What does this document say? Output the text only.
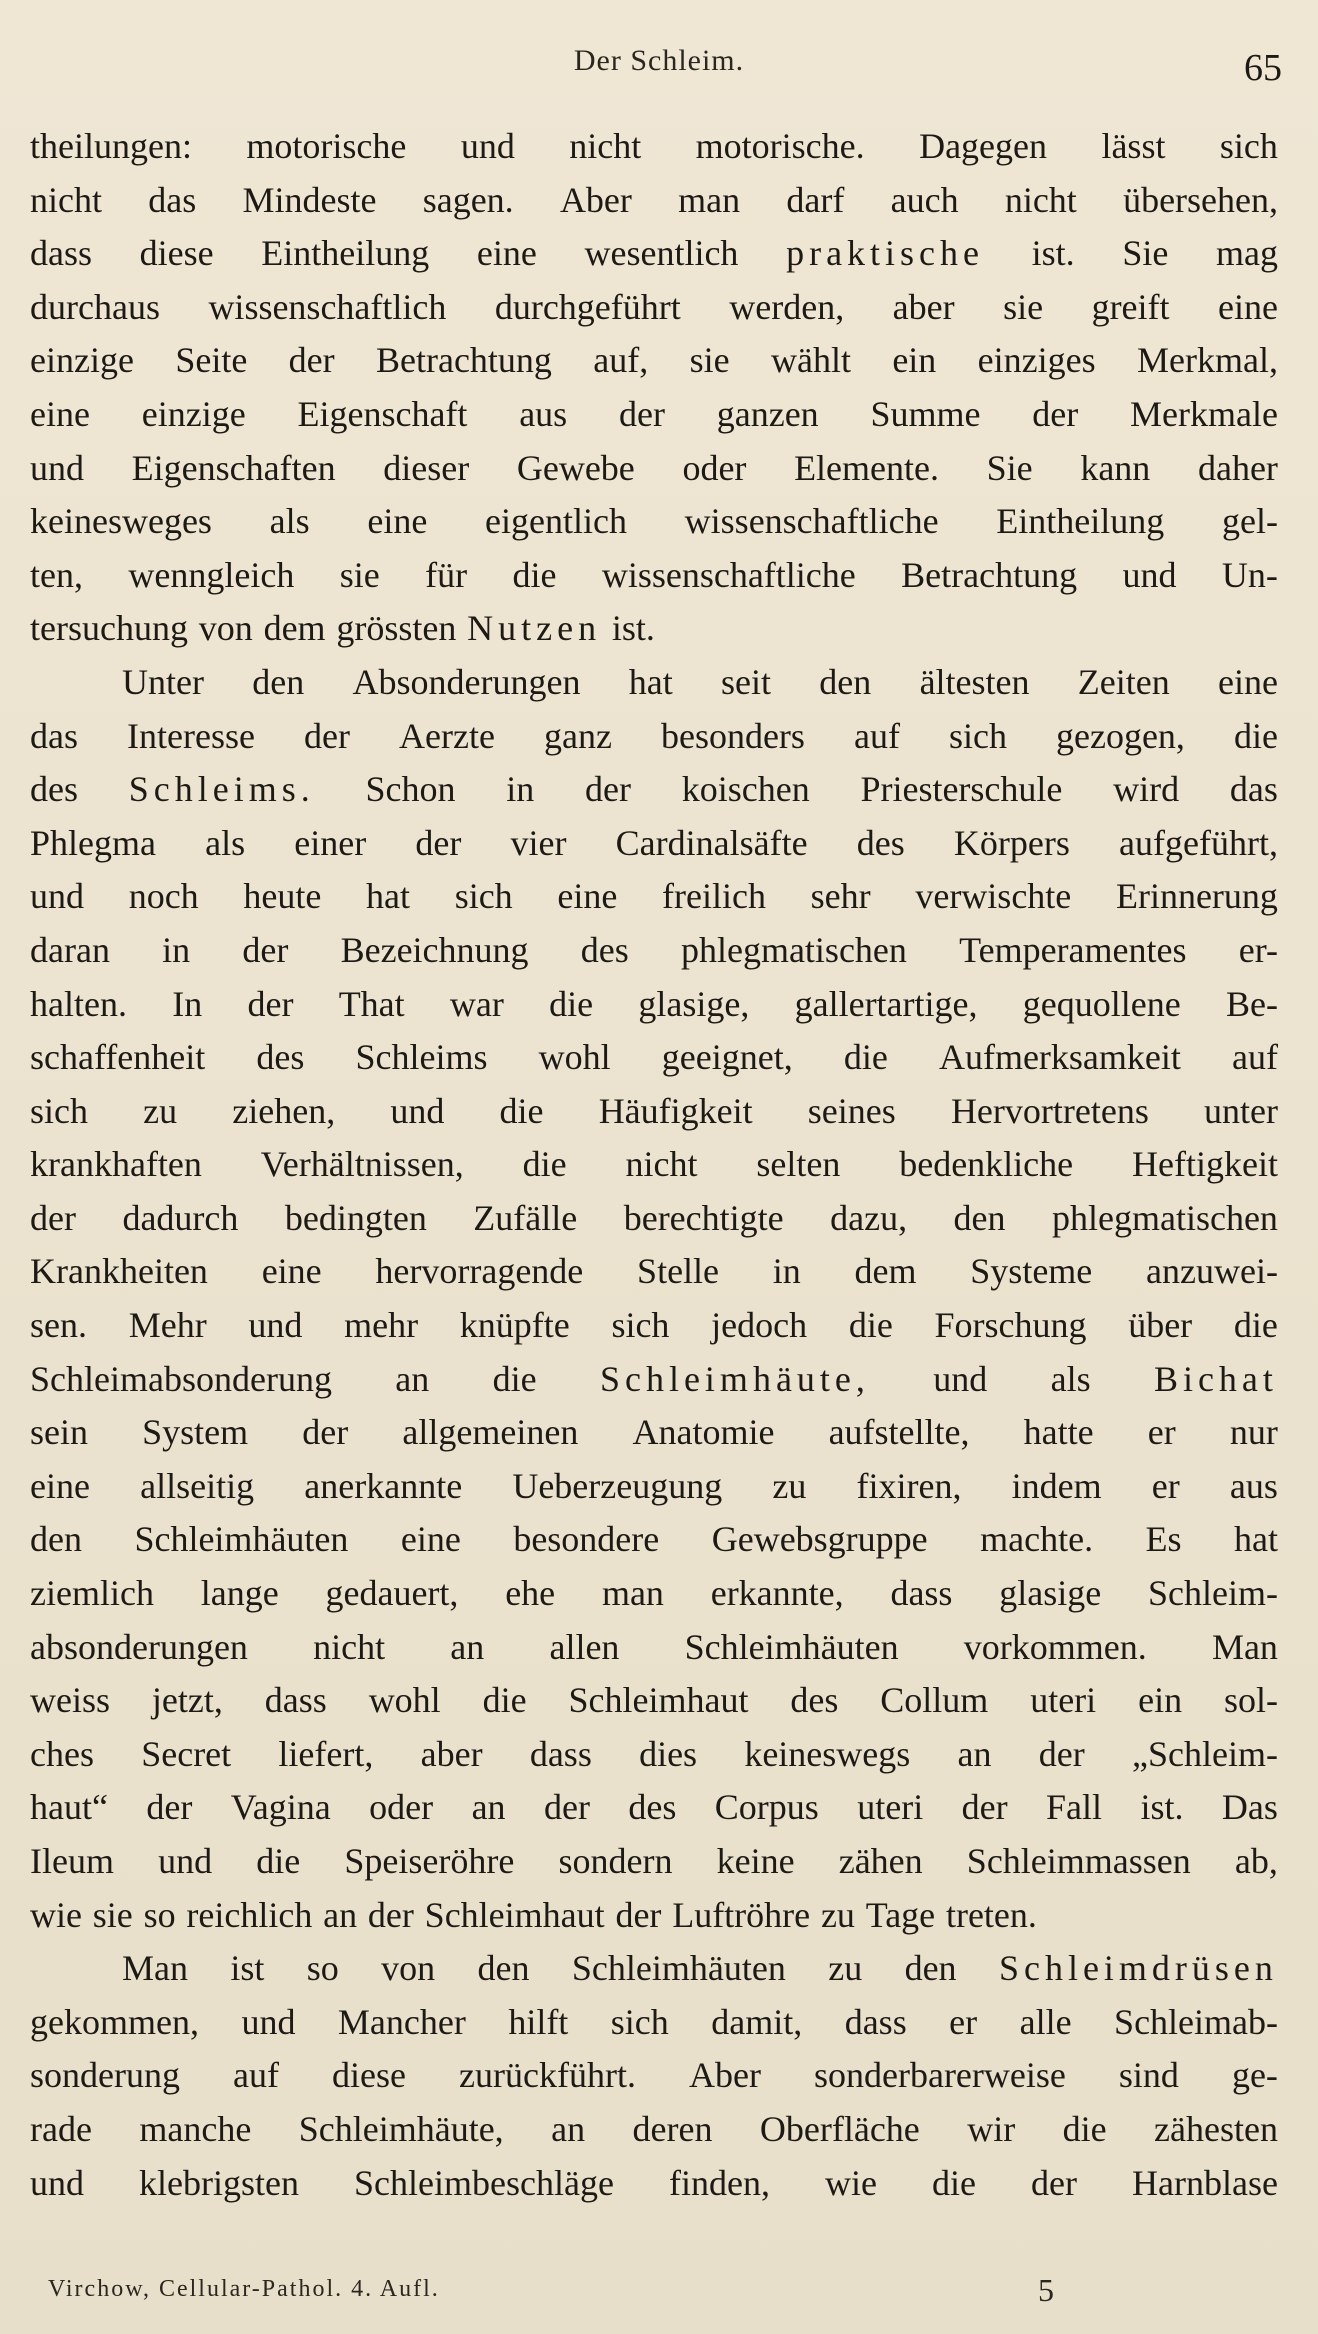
Der Schleim.	65
theilungen: motorische und nicht motorische. Dagegen lässt sich
nicht das Mindeste sagen. Aber man darf auch nicht übersehen,
dass diese Eintheilung eine wesentlich praktische ist. Sie mag
durchaus wissenschaftlich durchgeführt werden, aber sie greift eine
einzige Seite der Betrachtung auf, sie wählt ein einziges Merkmal,
eine einzige Eigenschaft aus der ganzen Summe der Merkmale
und Eigenschaften dieser Gewebe oder Elemente. Sie kann daher
keinesweges als eine eigentlich wissenschaftliche Eintheilung gel-
ten, wenngleich sie für die wissenschaftliche Betrachtung und Un-
tersuchung von dem grössten Nutzen ist.
Unter den Absonderungen hat seit den ältesten Zeiten eine
das Interesse der Aerzte ganz besonders auf sich gezogen, die
des Schleims. Schon in der koischen Priesterschule wird das
Phlegma als einer der vier Cardinalsäfte des Körpers aufgeführt,
und noch heute hat sich eine freilich sehr verwischte Erinnerung
daran in der Bezeichnung des phlegmatischen Temperamentes er-
halten. In der That war die glasige, gallertartige, gequollene Be-
schaffenheit des Schleims wohl geeignet, die Aufmerksamkeit auf
sich zu ziehen, und die Häufigkeit seines Hervortretens unter
krankhaften Verhältnissen, die nicht selten bedenkliche Heftigkeit
der dadurch bedingten Zufälle berechtigte dazu, den phlegmatischen
Krankheiten eine hervorragende Stelle in dem Systeme anzuwei-
sen. Mehr und mehr knüpfte sich jedoch die Forschung über die
Schleimabsonderung an die Schleimhäute, und als Bichat
sein System der allgemeinen Anatomie aufstellte, hatte er nur
eine allseitig anerkannte Ueberzeugung zu fixiren, indem er aus
den Schleimhäuten eine besondere Gewebsgruppe machte. Es hat
ziemlich lange gedauert, ehe man erkannte, dass glasige Schleim-
absonderungen nicht an allen Schleimhäuten vorkommen. Man
weiss jetzt, dass wohl die Schleimhaut des Collum uteri ein sol-
ches Secret liefert, aber dass dies keineswegs an der „Schleim-
haut“ der Vagina oder an der des Corpus uteri der Fall ist. Das
Ileum und die Speiseröhre sondern keine zähen Schleimmassen ab,
wie sie so reichlich an der Schleimhaut der Luftröhre zu Tage treten.
Man ist so von den Schleimhäuten zu den Schleimdrüsen
gekommen, und Mancher hilft sich damit, dass er alle Schleimab-
sonderung auf diese zurückführt. Aber sonderbarerweise sind ge-
rade manche Schleimhäute, an deren Oberfläche wir die zähesten
und klebrigsten Schleimbeschläge finden, wie die der Harnblase
Virchow, Cellular-Pathol. 4. Aufl.	5
